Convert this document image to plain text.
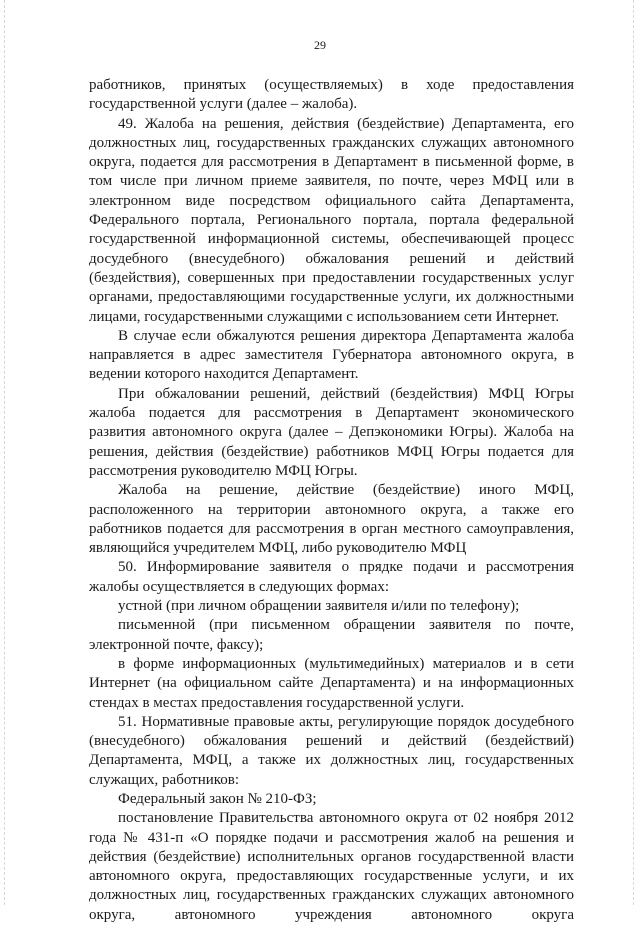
29

работников, принятых (осуществляемых) в ходе предоставления государственной услуги (далее – жалоба).

49. Жалоба на решения, действия (бездействие) Департамента, его должностных лиц, государственных гражданских служащих автономного округа, подается для рассмотрения в Департамент в письменной форме, в том числе при личном приеме заявителя, по почте, через МФЦ или в электронном виде посредством официального сайта Департамента, Федерального портала, Регионального портала, портала федеральной государственной информационной системы, обеспечивающей процесс досудебного (внесудебного) обжалования решений и действий (бездействия), совершенных при предоставлении государственных услуг органами, предоставляющими государственные услуги, их должностными лицами, государственными служащими с использованием сети Интернет.

В случае если обжалуются решения директора Департамента жалоба направляется в адрес заместителя Губернатора автономного округа, в ведении которого находится Департамент.

При обжаловании решений, действий (бездействия) МФЦ Югры жалоба подается для рассмотрения в Департамент экономического развития автономного округа (далее – Депэкономики Югры). Жалоба на решения, действия (бездействие) работников МФЦ Югры подается для рассмотрения руководителю МФЦ Югры.

Жалоба на решение, действие (бездействие) иного МФЦ, расположенного на территории автономного округа, а также его работников подается для рассмотрения в орган местного самоуправления, являющийся учредителем МФЦ, либо руководителю МФЦ

50. Информирование заявителя о прядке подачи и рассмотрения жалобы осуществляется в следующих формах:

устной (при личном обращении заявителя и/или по телефону);

письменной (при письменном обращении заявителя по почте, электронной почте, факсу);

в форме информационных (мультимедийных) материалов и в сети Интернет (на официальном сайте Департамента) и на информационных стендах в местах предоставления государственной услуги.

51. Нормативные правовые акты, регулирующие порядок досудебного (внесудебного) обжалования решений и действий (бездействий) Департамента, МФЦ, а также их должностных лиц, государственных служащих, работников:

Федеральный закон № 210-ФЗ;

постановление Правительства автономного округа от 02 ноября 2012 года № 431-п «О порядке подачи и рассмотрения жалоб на решения и действия (бездействие) исполнительных органов государственной власти автономного округа, предоставляющих государственные услуги, и их должностных лиц, государственных гражданских служащих автономного округа, автономного учреждения автономного округа
